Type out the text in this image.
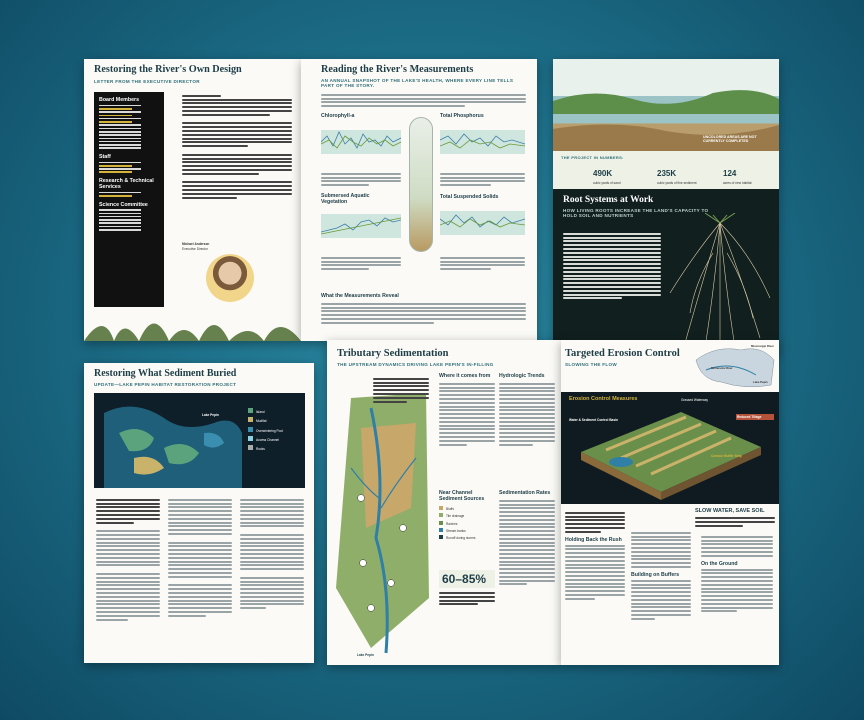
Restoring the River's Own Design
LETTER FROM THE EXECUTIVE DIRECTOR
Board Members
Staff
Research & Technical Services
Science Committee
Michael Anderson
Executive Director
Reading the River's Measurements
AN ANNUAL SNAPSHOT OF THE LAKE'S HEALTH, WHERE EVERY LINE TELLS PART OF THE STORY.
Chlorophyll-a	Total Phosphorus
Submersed Aquatic Vegetation
Total Suspended Solids
What the Measurements Reveal
UNCOLORED AREAS ARE NOT CURRENTLY COMPLETED
THE PROJECT IN NUMBERS:
490K
cubic yards of sand
235K
cubic yards of fine sediment
124
acres of new habitat
Root Systems at Work
HOW LIVING ROOTS INCREASE THE LAND'S CAPACITY TO HOLD SOIL AND NUTRIENTS
Restoring What Sediment Buried
UPDATE—LAKE PEPIN HABITAT RESTORATION PROJECT
Lake Pepin
Island
Mudflat
Overwintering Pool
Access Channel
Rocks
Tributary Sedimentation
THE UPSTREAM DYNAMICS DRIVING LAKE PEPIN'S IN-FILLING
Lake Pepin
Where it comes from Hydrologic Trends
Near Channel Sediment Sources
Bluffs
Tile drainage
Ravines
Stream banks
Runoff during storms
60–85%
Sedimentation Rates
Targeted Erosion Control
SLOWING THE FLOW
Minnesota River
Mississippi River
Lake Pepin
Erosion Control Measures
Water & Sediment Control Basin
Contour Buffer Strip
Reduced Tillage
Grassed Waterway
SLOW WATER, SAVE SOIL
Holding Back the Rush
Building on Buffers
On the Ground
